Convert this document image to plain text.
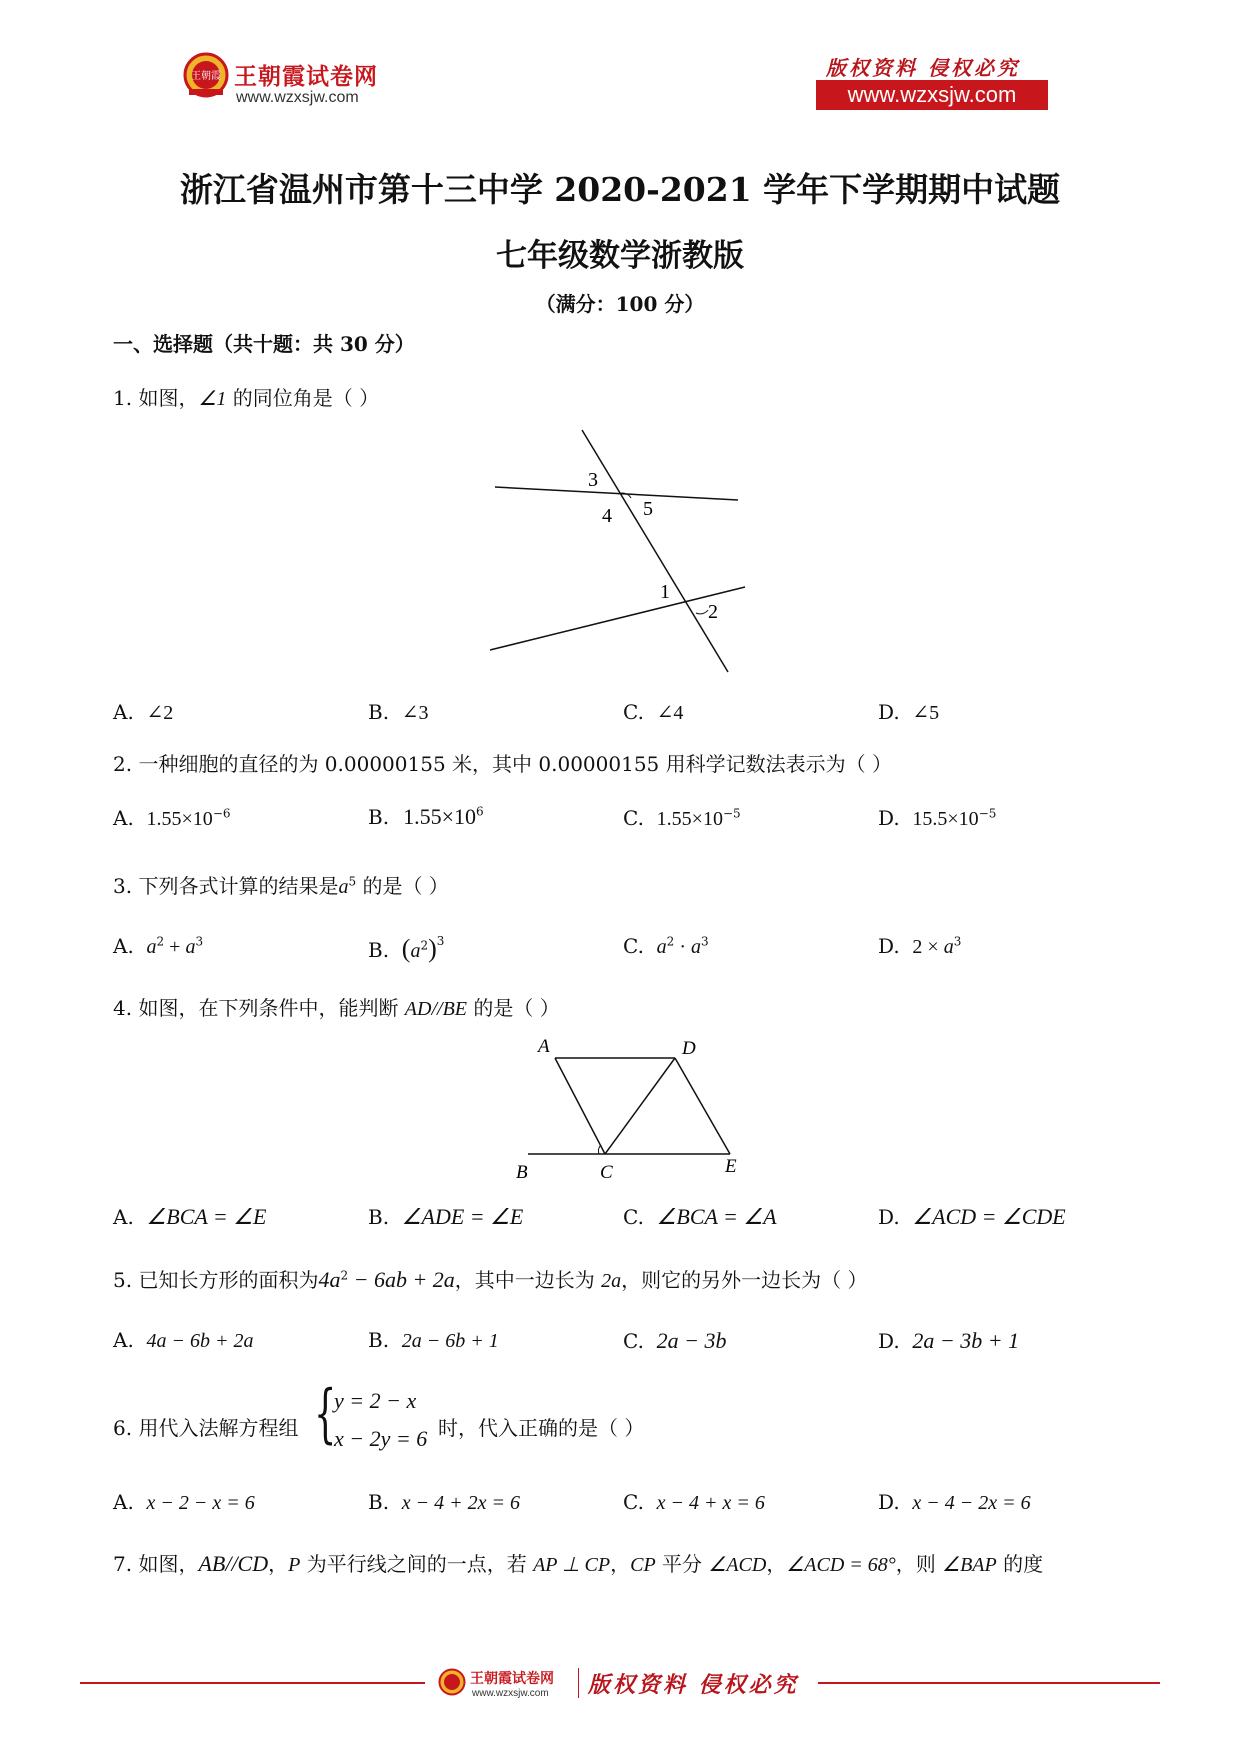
王朝霞 王朝霞试卷网
www.wzxsjw.com
版权资料 侵权必究
www.wzxsjw.com
浙江省温州市第十三中学 2020-2021 学年下学期期中试题
七年级数学浙教版
（满分：100 分）
一、选择题（共十题：共 30 分）
1. 如图，∠1 的同位角是（ ）
3
4 5
1
2
A. ∠2	B. ∠3	C. ∠4	D. ∠5
2. 一种细胞的直径的为 0.00000155 米，其中 0.00000155 用科学记数法表示为（ ）
A. $1.55\times 10^{-6}$	B. $1.55\times 10^6$	C. $1.55\times 10^{-5}$	D. $15.5\times 10^{-5}$
3. 下列各式计算的结果是$a^5$ 的是（ ）
A. $a^2 + a^3$	B. $(a^2)^3$	C. $a^2 \cdot a^3$	D. $2 \times a^3$
4. 如图，在下列条件中，能判断 AD//BE 的是（ ）
A	D
B	C	E
A. ∠BCA = ∠E	B. ∠ADE = ∠E	C. ∠BCA = ∠A	D. ∠ACD = ∠CDE
5. 已知长方形的面积为$4a^2 - 6ab + 2a$，其中一边长为 2a，则它的另外一边长为（ ）
A. 4a − 6b + 2a	B. 2a − 6b + 1	C. 2a − 3b	D. 2a − 3b + 1
6. 用代入法解方程组 {
y = 2 − x
x − 2y = 6 时，代入正确的是（ ）
A. x − 2 − x = 6	B. x − 4 + 2x = 6	C. x − 4 + x = 6	D. x − 4 − 2x = 6
7. 如图，AB//CD，P 为平行线之间的一点，若 AP ⊥ CP，CP 平分 ∠ACD，∠ACD = 68°，则 ∠BAP 的度
王朝霞试卷网
www.wzxsjw.com 版权资料 侵权必究
